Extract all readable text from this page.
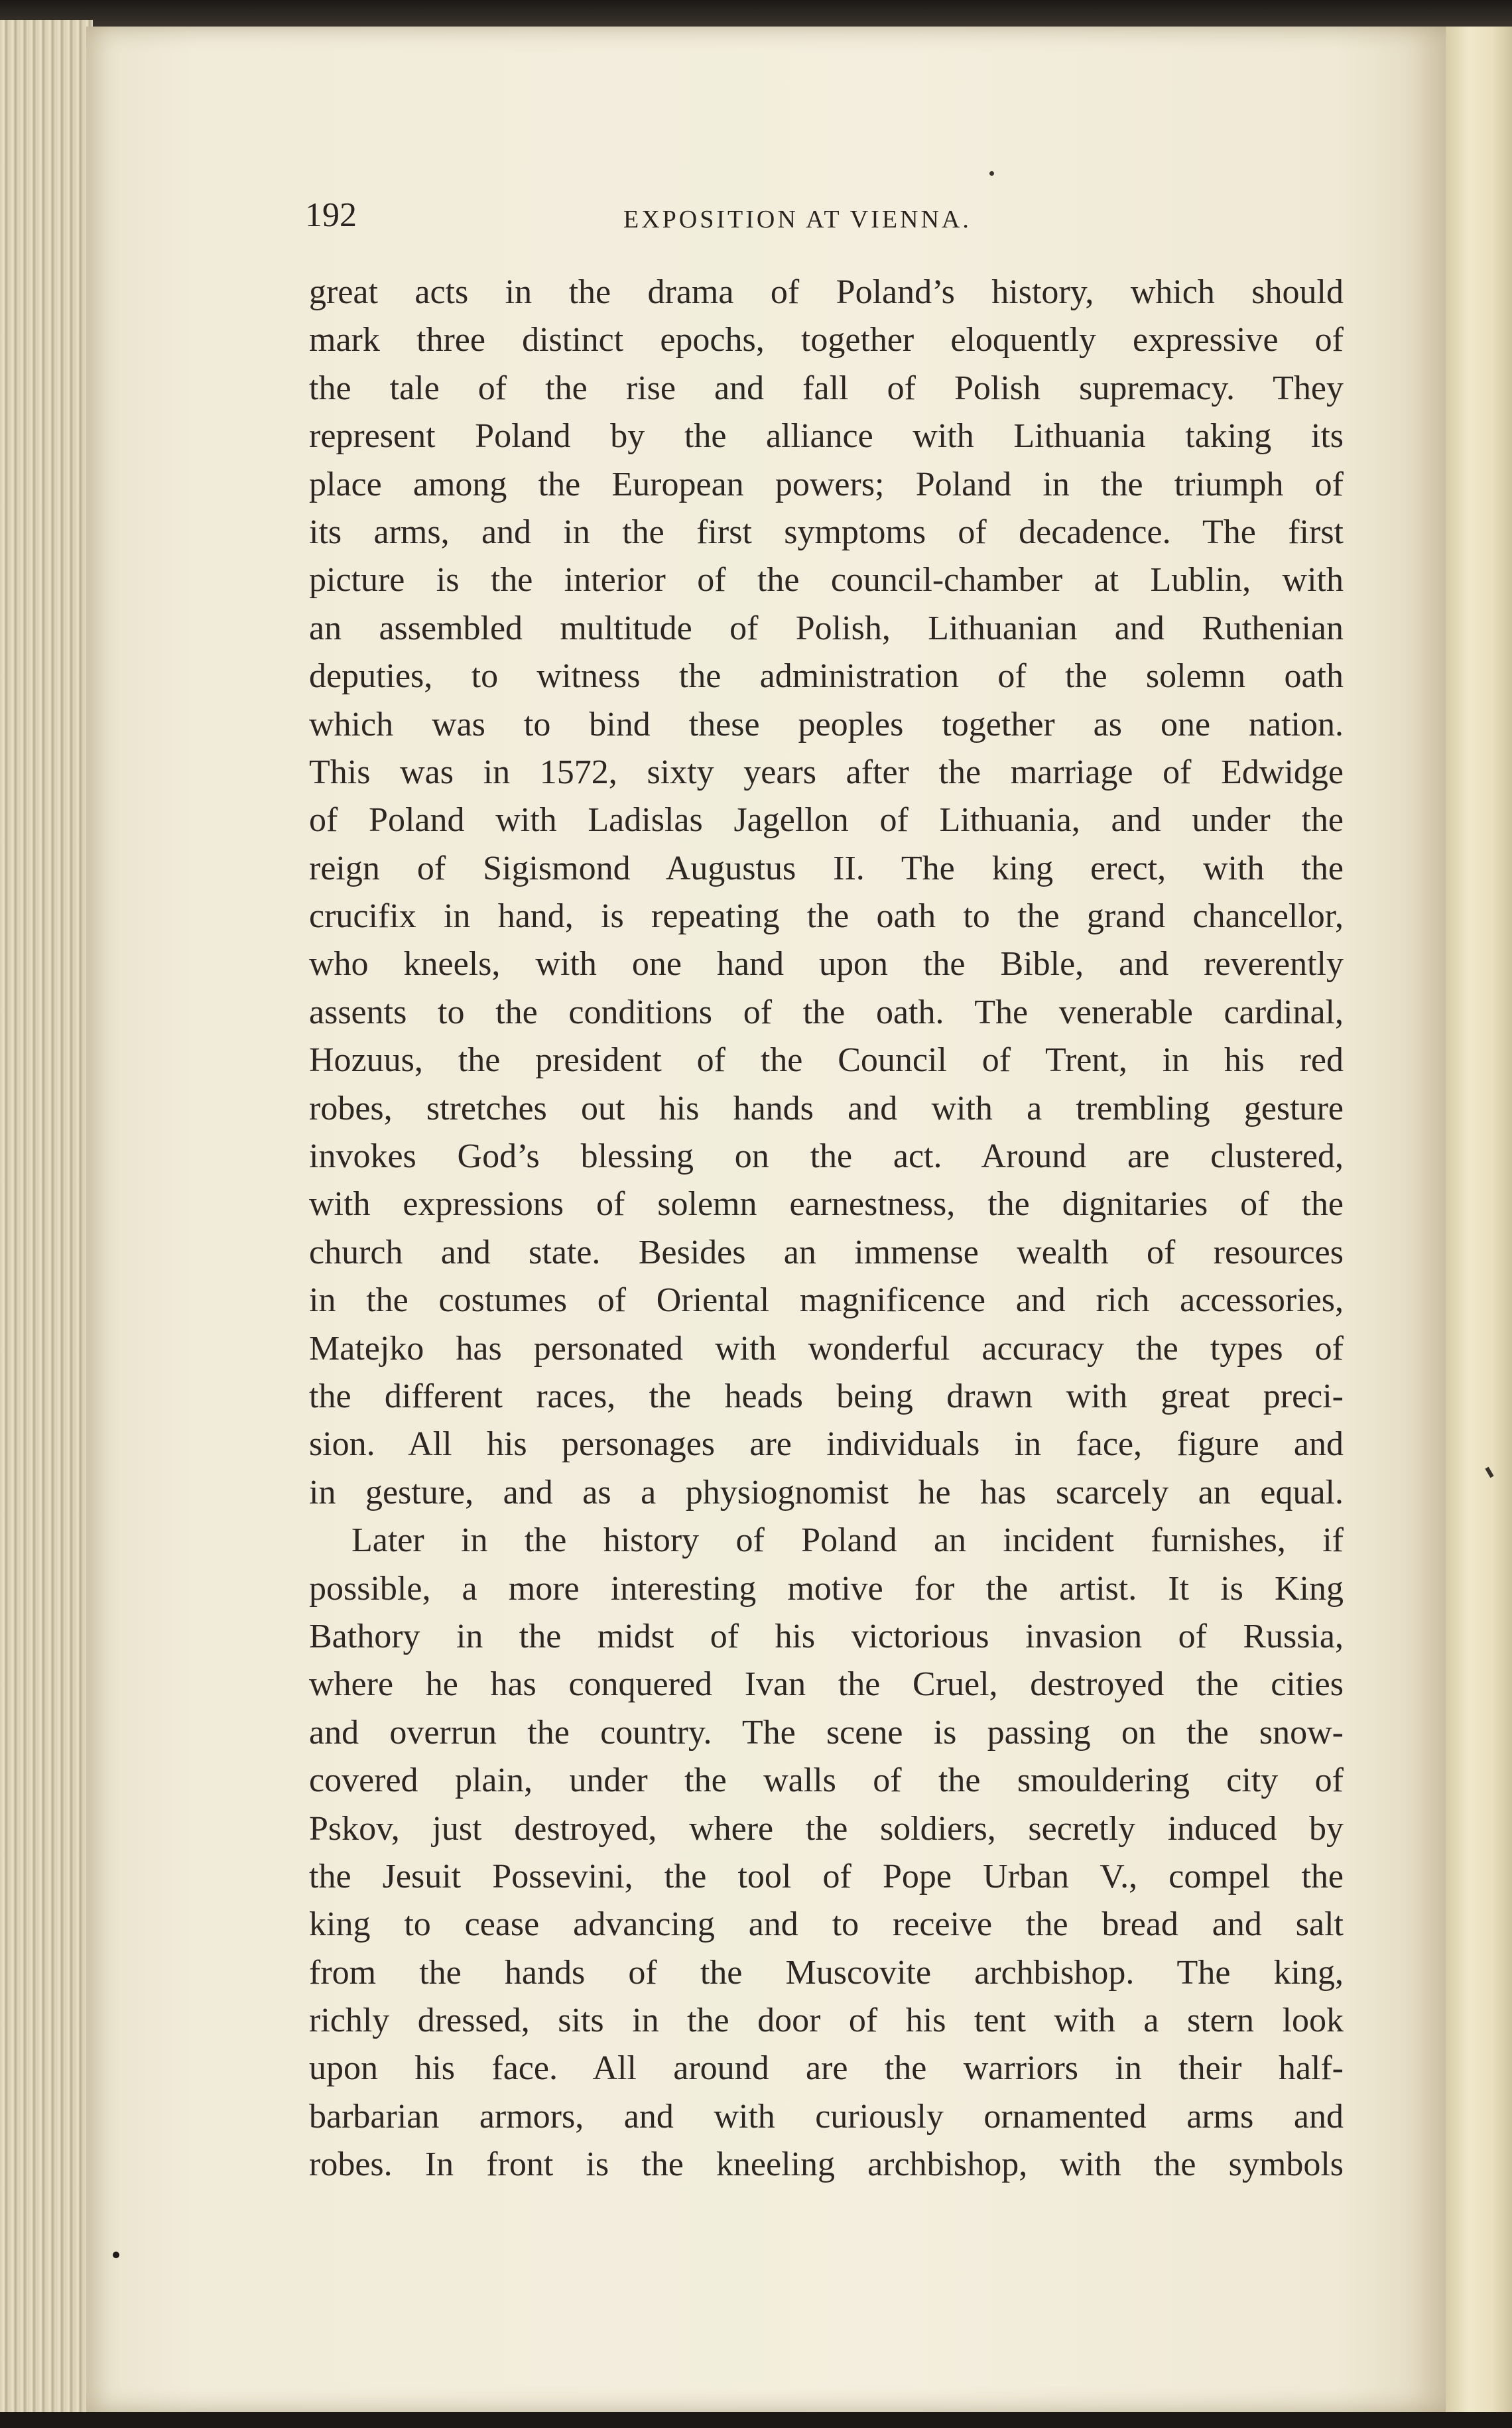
192	EXPOSITION AT VIENNA.
great acts in the drama of Poland’s history, which should
mark three distinct epochs, together eloquently expressive of
the tale of the rise and fall of Polish supremacy. They
represent Poland by the alliance with Lithuania taking its
place among the European powers; Poland in the triumph of
its arms, and in the first symptoms of decadence. The first
picture is the interior of the council-chamber at Lublin, with
an assembled multitude of Polish, Lithuanian and Ruthenian
deputies, to witness the administration of the solemn oath
which was to bind these peoples together as one nation.
This was in 1572, sixty years after the marriage of Edwidge
of Poland with Ladislas Jagellon of Lithuania, and under the
reign of Sigismond Augustus II. The king erect, with the
crucifix in hand, is repeating the oath to the grand chancellor,
who kneels, with one hand upon the Bible, and reverently
assents to the conditions of the oath. The venerable cardinal,
Hozuus, the president of the Council of Trent, in his red
robes, stretches out his hands and with a trembling gesture
invokes God’s blessing on the act. Around are clustered,
with expressions of solemn earnestness, the dignitaries of the
church and state. Besides an immense wealth of resources
in the costumes of Oriental magnificence and rich accessories,
Matejko has personated with wonderful accuracy the types of
the different races, the heads being drawn with great preci-
sion. All his personages are individuals in face, figure and
in gesture, and as a physiognomist he has scarcely an equal.
Later in the history of Poland an incident furnishes, if
possible, a more interesting motive for the artist. It is King
Bathory in the midst of his victorious invasion of Russia,
where he has conquered Ivan the Cruel, destroyed the cities
and overrun the country. The scene is passing on the snow-
covered plain, under the walls of the smouldering city of
Pskov, just destroyed, where the soldiers, secretly induced by
the Jesuit Possevini, the tool of Pope Urban V., compel the
king to cease advancing and to receive the bread and salt
from the hands of the Muscovite archbishop. The king,
richly dressed, sits in the door of his tent with a stern look
upon his face. All around are the warriors in their half-
barbarian armors, and with curiously ornamented arms and
robes. In front is the kneeling archbishop, with the symbols
